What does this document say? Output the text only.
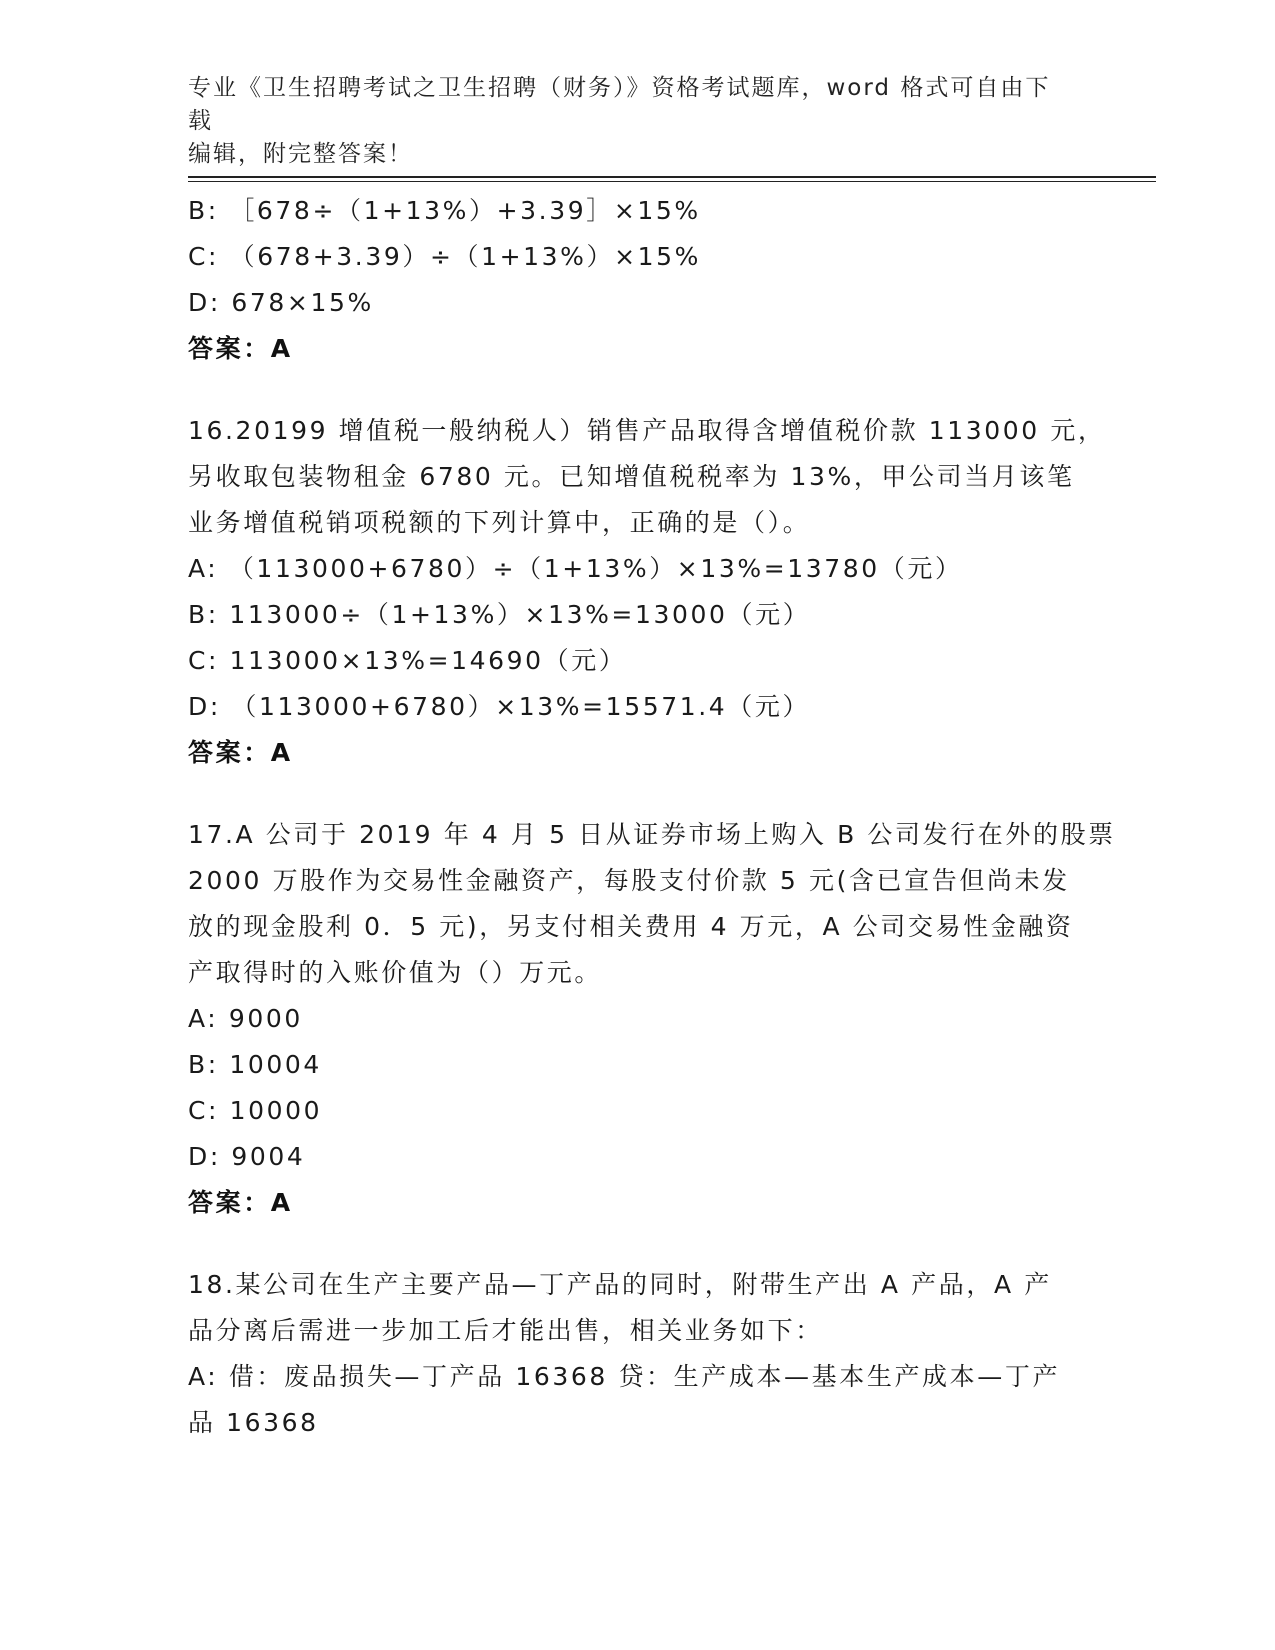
专业《卫生招聘考试之卫生招聘（财务）》资格考试题库，word 格式可自由下载
编辑，附完整答案！
B: ［678÷（1+13%）+3.39］×15%
C: （678+3.39）÷（1+13%）×15%
D: 678×15%
答案：A
16.20199 增值税一般纳税人）销售产品取得含增值税价款 113000 元，
另收取包装物租金 6780 元。已知增值税税率为 13%，甲公司当月该笔
业务增值税销项税额的下列计算中，正确的是（）。
A: （113000+6780）÷（1+13%）×13%=13780（元）
B: 113000÷（1+13%）×13%=13000（元）
C: 113000×13%=14690（元）
D: （113000+6780）×13%=15571.4（元）
答案：A
17.A 公司于 2019 年 4 月 5 日从证券市场上购入 B 公司发行在外的股票
2000 万股作为交易性金融资产，每股支付价款 5 元(含已宣告但尚未发
放的现金股利 0．5 元)，另支付相关费用 4 万元，A 公司交易性金融资
产取得时的入账价值为（）万元。
A: 9000
B: 10004
C: 10000
D: 9004
答案：A
18.某公司在生产主要产品—丁产品的同时，附带生产出 A 产品，A 产
品分离后需进一步加工后才能出售，相关业务如下：
A: 借：废品损失—丁产品 16368 贷：生产成本—基本生产成本—丁产
品 16368
